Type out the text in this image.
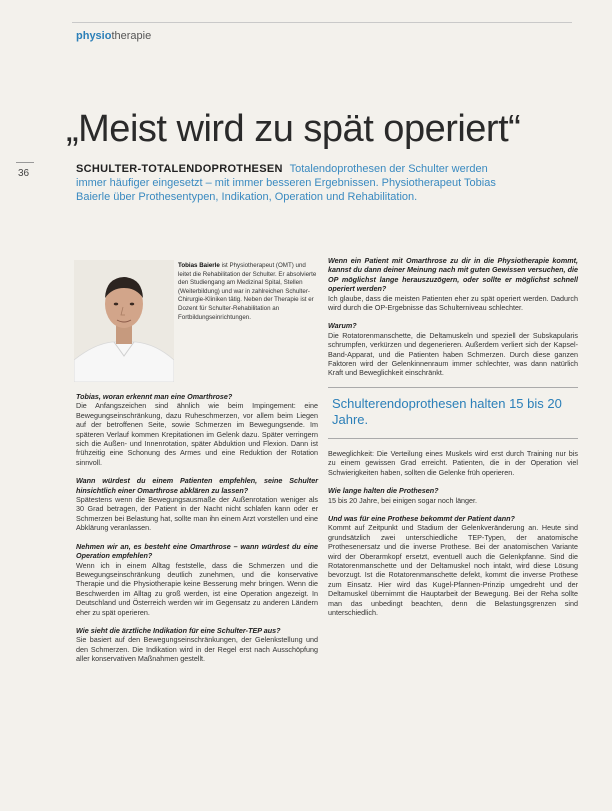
physiotherapie
36
„Meist wird zu spät operiert“
SCHULTER-TOTALENDOPROTHESEN Totalendoprothesen der Schulter werden immer häufiger eingesetzt – mit immer besseren Ergebnissen. Physiotherapeut Tobias Baierle über Prothesentypen, Indikation, Operation und Rehabilitation.
Tobias Baierle ist Physiotherapeut (OMT) und leitet die Rehabilitation der Schulter. Er absolvierte den Studiengang am Medizinal Spital, Stellen (Weiterbildung) und war in zahlreichen Schulter-Chirurgie-Kliniken tätig. Neben der Therapie ist er Dozent für Schulter-Rehabilitation an Fortbildungseinrichtungen.
Tobias, woran erkennt man eine Omarthrose?
Die Anfangszeichen sind ähnlich wie beim Impingement: eine Bewegungseinschränkung, dazu Ruheschmerzen, vor allem beim Liegen auf der betroffenen Seite, sowie Schmerzen im Bewegungsende. Im späteren Verlauf kommen Krepitationen im Gelenk dazu. Später verringern sich die Außen- und Innenrotation, später Abduktion und Flexion. Dann ist frühzeitig eine Schonung des Armes und eine Reduktion der Rotation sinnvoll.
Wann würdest du einem Patienten empfehlen, seine Schulter hinsichtlich einer Omarthrose abklären zu lassen?
Spätestens wenn die Bewegungsausmaße der Außenrotation weniger als 30 Grad betragen, der Patient in der Nacht nicht schlafen kann oder er Schmerzen bei Belastung hat, sollte man ihn einem Arzt vorstellen und eine Abklärung veranlassen.
Nehmen wir an, es besteht eine Omarthrose – wann würdest du eine Operation empfehlen?
Wenn ich in einem Alltag feststelle, dass die Schmerzen und die Bewegungseinschränkung deutlich zunehmen, und die konservative Therapie und die Physiotherapie keine Besserung mehr bringen. Wenn die Beschwerden im Alltag zu groß werden, ist eine Operation angezeigt. In Deutschland und Österreich werden wir im Gegensatz zu anderen Ländern eher zu spät operieren.
Wie sieht die ärztliche Indikation für eine Schulter-TEP aus?
Sie basiert auf den Bewegungseinschränkungen, der Gelenkstellung und den Schmerzen. Die Indikation wird in der Regel erst nach Ausschöpfung aller konservativen Maßnahmen gestellt.
Wenn ein Patient mit Omarthrose zu dir in die Physiotherapie kommt, kannst du dann deiner Meinung nach mit guten Gewissen versuchen, die OP möglichst lange herauszuzögern, oder sollte er möglichst schnell operiert werden?
Ich glaube, dass die meisten Patienten eher zu spät operiert werden. Dadurch wird durch die OP-Ergebnisse das Schulterniveau schlechter.
Warum?
Die Rotatorenmanschette, die Deltamuskeln und speziell der Subskapularis schrumpfen, verkürzen und degenerieren. Außerdem verliert sich der Kapsel-Band-Apparat, und die Patienten haben Schmerzen. Durch diese ganzen Faktoren wird der Gelenkinnenraum immer schlechter, was dann natürlich Kraft und Beweglichkeit einschränkt.
Schulterendoprothesen halten 15 bis 20 Jahre.
Beweglichkeit: Die Verteilung eines Muskels wird erst durch Training nur bis zu einem gewissen Grad erreicht. Patienten, die in der Operation viel Schwierigkeiten haben, sollten die Gelenke früh operieren.
Wie lange halten die Prothesen?
15 bis 20 Jahre, bei einigen sogar noch länger.
Und was für eine Prothese bekommt der Patient dann?
Kommt auf Zeitpunkt und Stadium der Gelenkveränderung an. Heute sind grundsätzlich zwei unterschiedliche TEP-Typen, der anatomische Prothesenersatz und die inverse Prothese. Bei der anatomischen Variante wird der Oberarmkopf ersetzt, eventuell auch die Gelenkpfanne. Sind die Rotatorenmanschette und der Deltamuskel noch intakt, wird diese Lösung bevorzugt. Ist die Rotatorenmanschette defekt, kommt die inverse Prothese zum Einsatz. Hier wird das Kugel-Pfannen-Prinzip umgedreht und der Deltamuskel übernimmt die Hauptarbeit der Bewegung. Bei der Reha sollte man das unbedingt beachten, denn die Belastungsgrenzen sind unterschiedlich.
